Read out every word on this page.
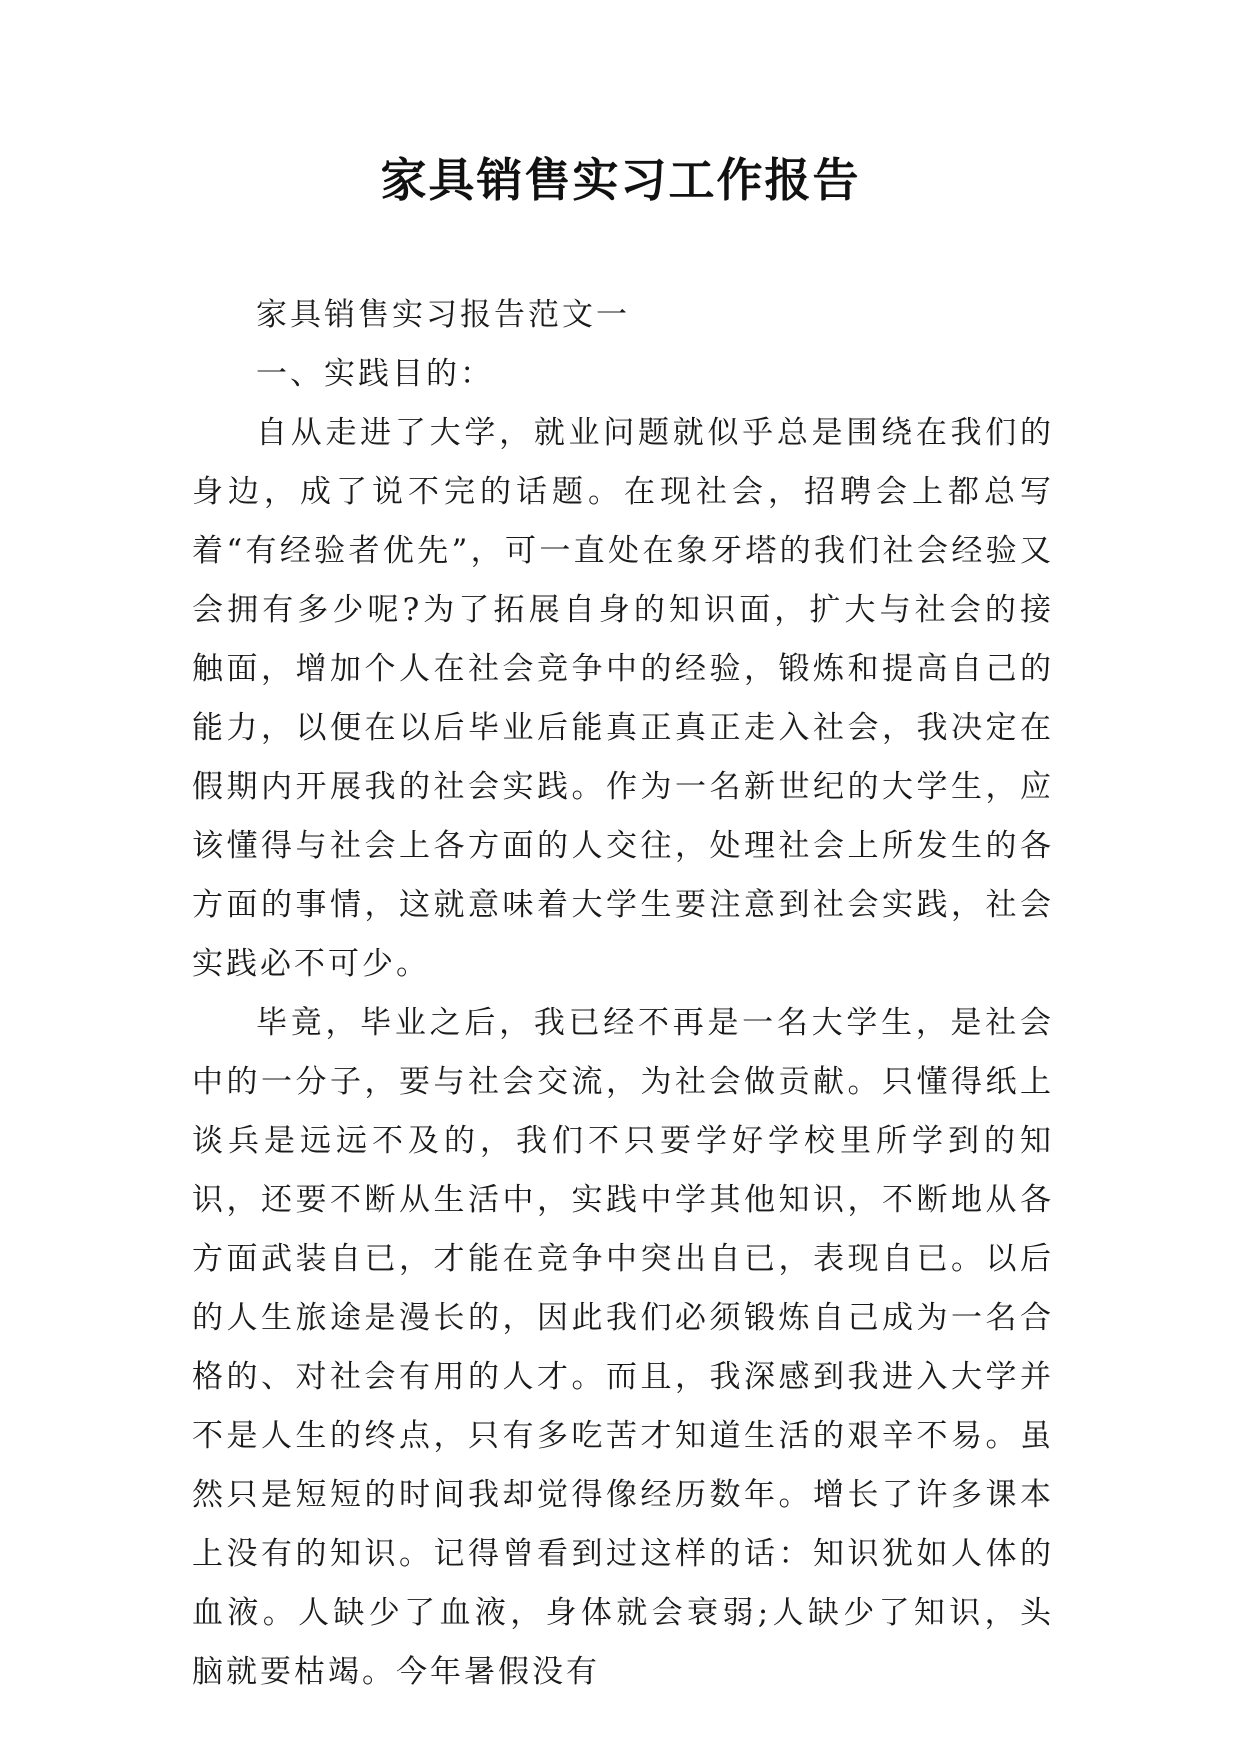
家具销售实习工作报告

家具销售实习报告范文一

一、实践目的：

自从走进了大学，就业问题就似乎总是围绕在我们的身边，成了说不完的话题。在现社会，招聘会上都总写着“有经验者优先”，可一直处在象牙塔的我们社会经验又会拥有多少呢?为了拓展自身的知识面，扩大与社会的接触面，增加个人在社会竞争中的经验，锻炼和提高自己的能力，以便在以后毕业后能真正真正走入社会，我决定在假期内开展我的社会实践。作为一名新世纪的大学生，应该懂得与社会上各方面的人交往，处理社会上所发生的各方面的事情，这就意味着大学生要注意到社会实践，社会实践必不可少。

毕竟，毕业之后，我已经不再是一名大学生，是社会中的一分子，要与社会交流，为社会做贡献。只懂得纸上谈兵是远远不及的，我们不只要学好学校里所学到的知识，还要不断从生活中，实践中学其他知识，不断地从各方面武装自已，才能在竞争中突出自已，表现自已。以后的人生旅途是漫长的，因此我们必须锻炼自己成为一名合格的、对社会有用的人才。而且，我深感到我进入大学并不是人生的终点，只有多吃苦才知道生活的艰辛不易。虽然只是短短的时间我却觉得像经历数年。增长了许多课本上没有的知识。记得曾看到过这样的话：知识犹如人体的血液。人缺少了血液，身体就会衰弱;人缺少了知识，头脑就要枯竭。今年暑假没有
